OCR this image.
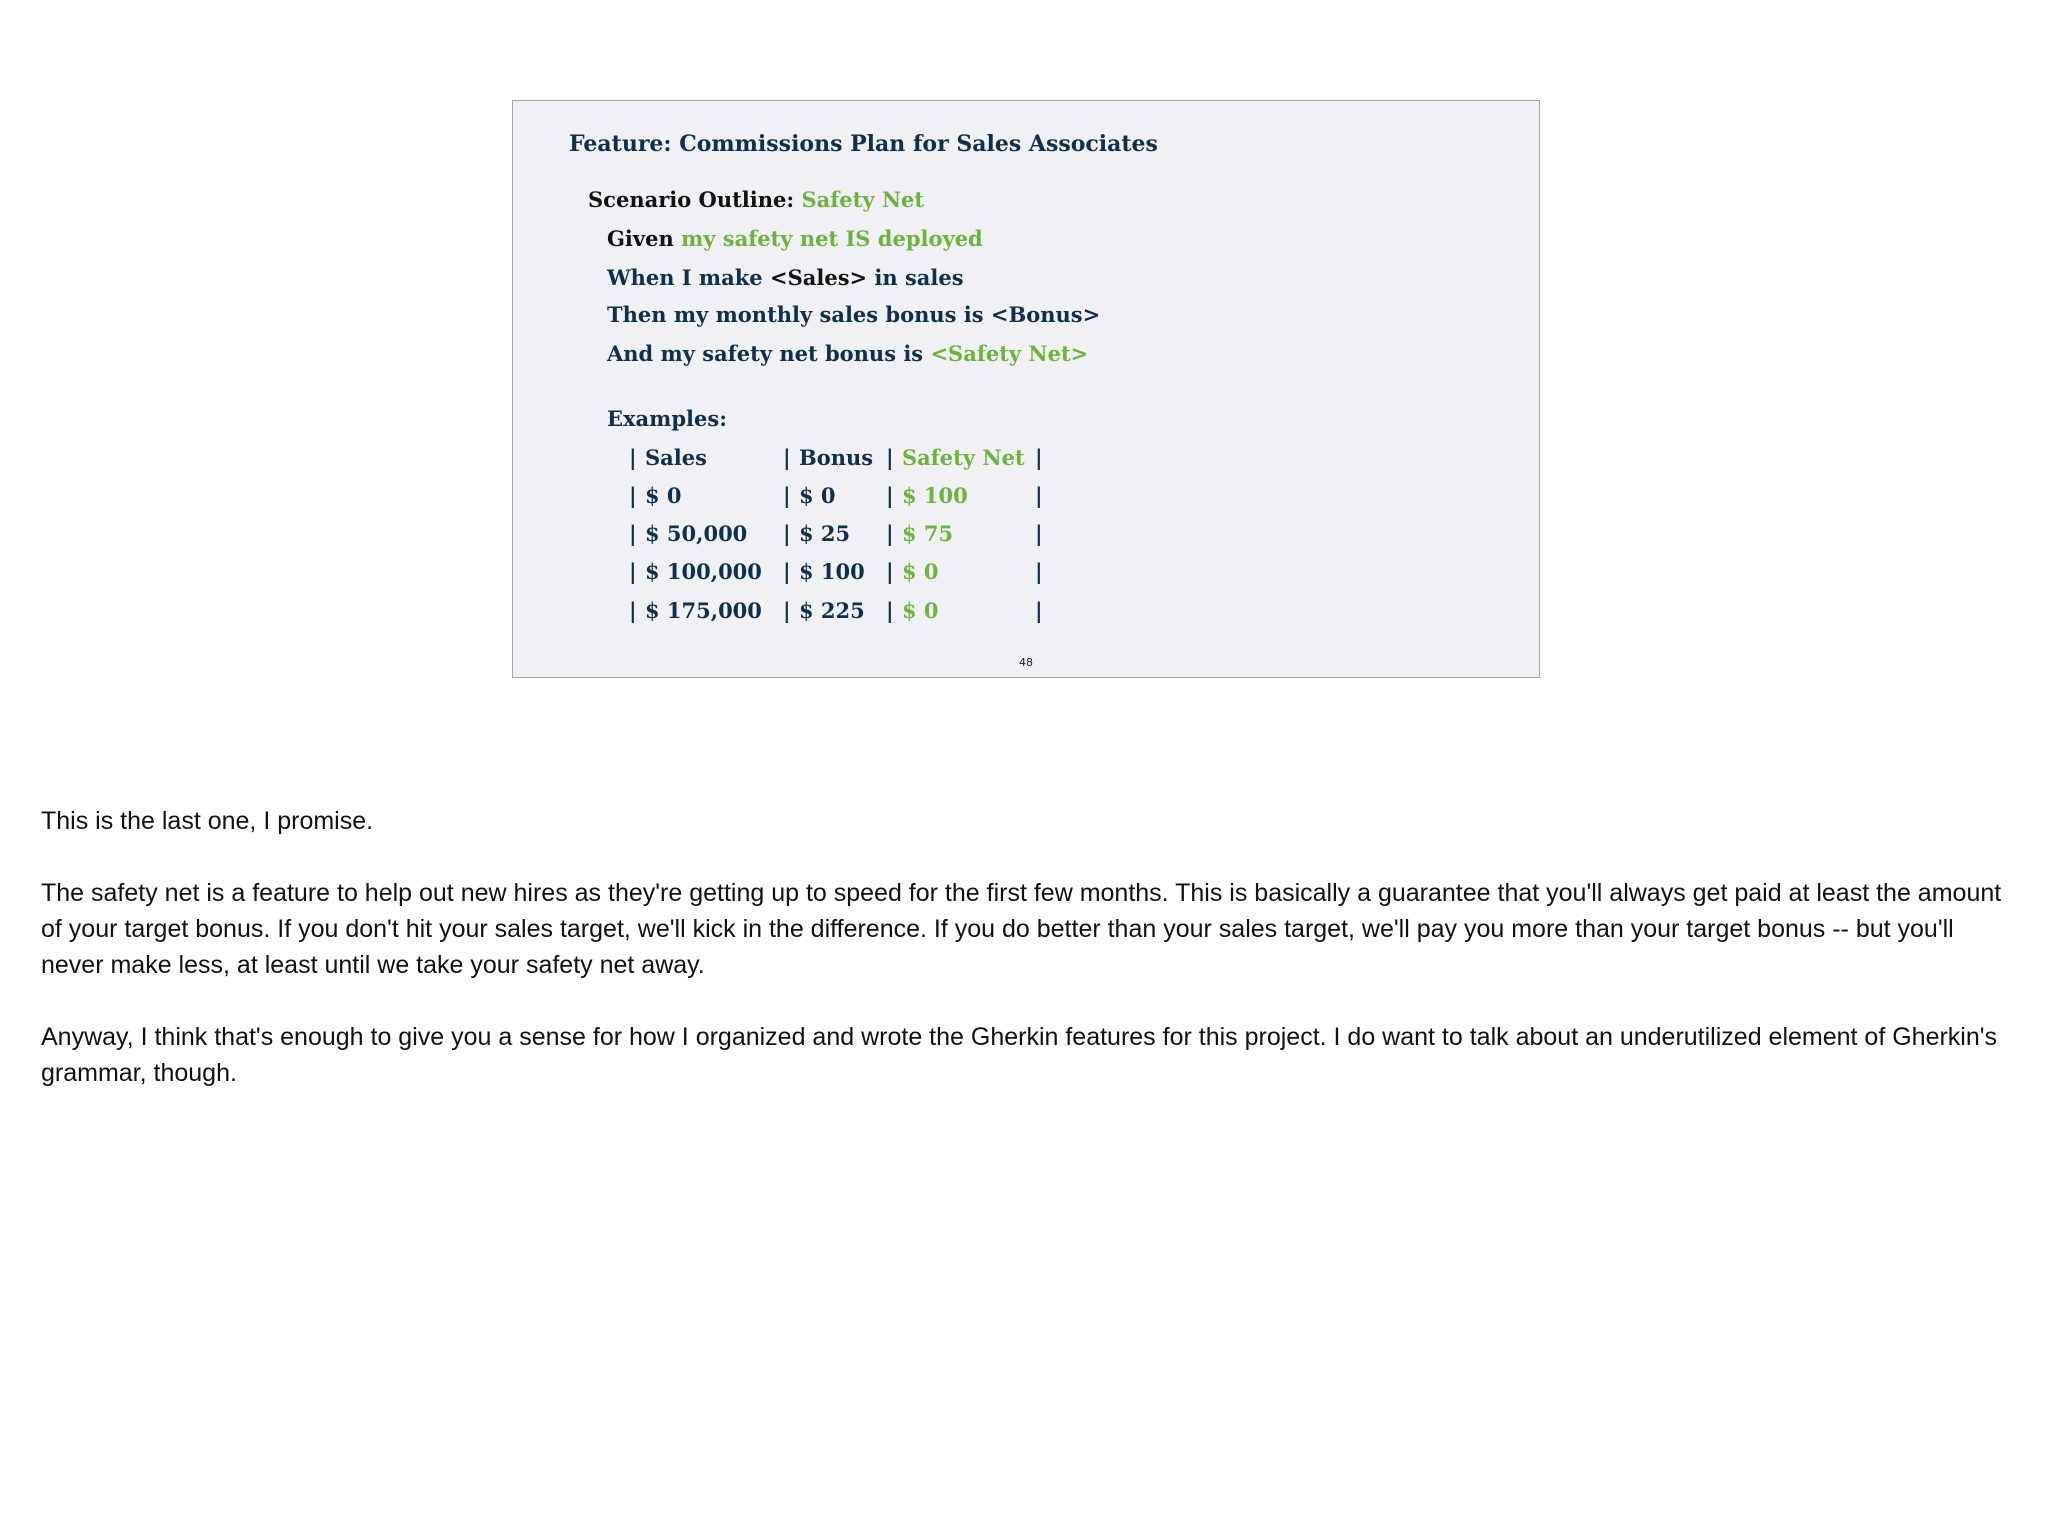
Feature: Commissions Plan for Sales Associates
Scenario Outline: Safety Net
Given my safety net IS deployed
When I make <Sales> in sales
Then my monthly sales bonus is <Bonus>
And my safety net bonus is <Safety Net>
Examples:
| Sales	| Bonus | Safety Net |
| $ 0	| $ 0 | $ 100	|
| $ 50,000 | $ 25 | $ 75	|
| $ 100,000 | $ 100 | $ 0	|
| $ 175,000 | $ 225 | $ 0	|
48

This is the last one, I promise.

The safety net is a feature to help out new hires as they're getting up to speed for the first few months. This is basically a guarantee that you'll always get paid at least the amount of your target bonus. If you don't hit your sales target, we'll kick in the difference. If you do better than your sales target, we'll pay you more than your target bonus -- but you'll never make less, at least until we take your safety net away.

Anyway, I think that's enough to give you a sense for how I organized and wrote the Gherkin features for this project. I do want to talk about an underutilized element of Gherkin's grammar, though.
